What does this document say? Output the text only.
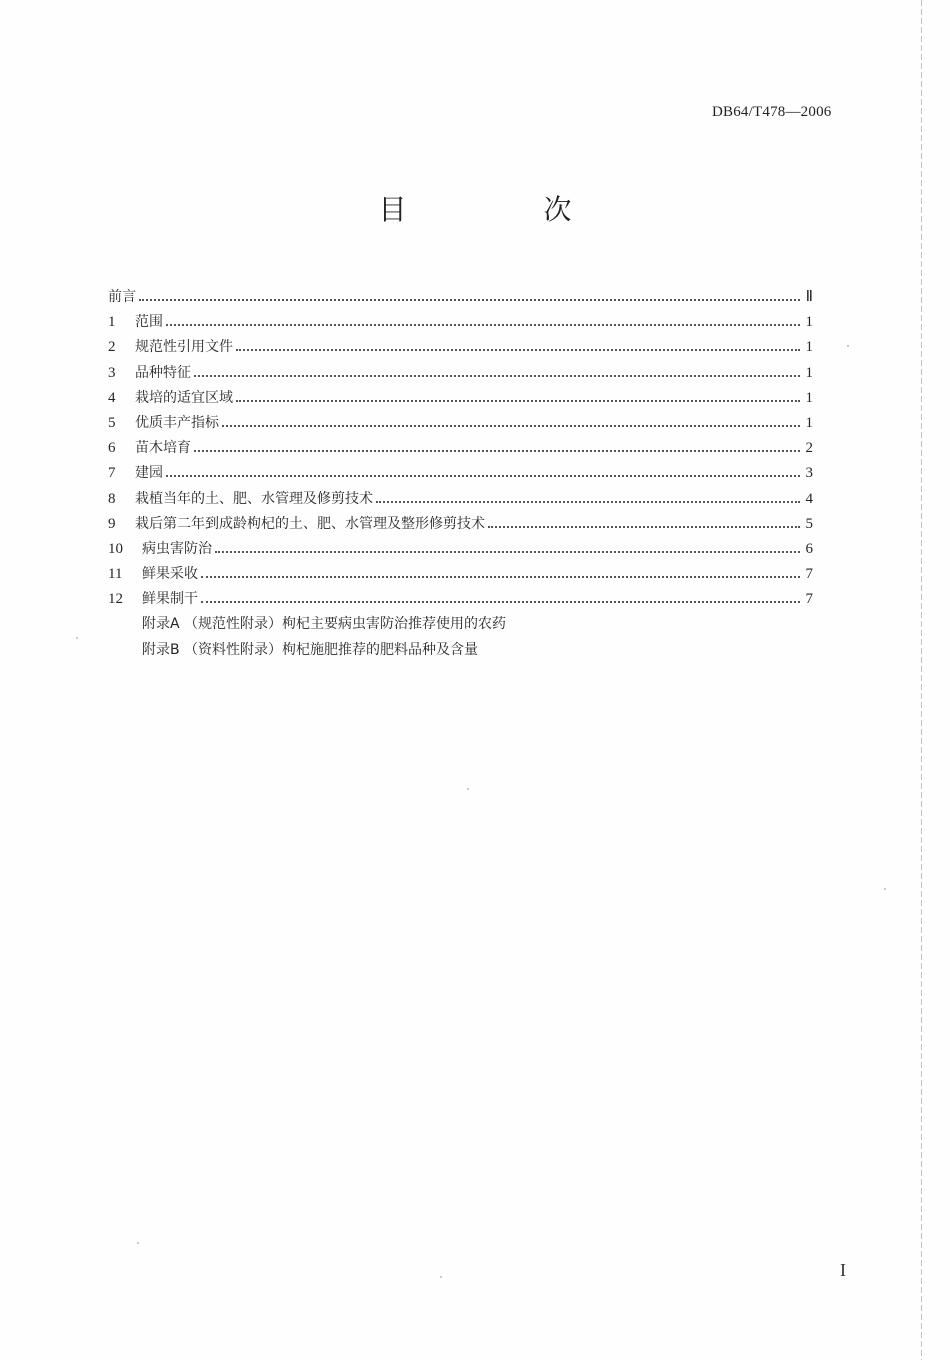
DB64/T478—2006
目 次
前言	Ⅱ
1	范围	1
2	规范性引用文件	1
3	品种特征	1
4	栽培的适宜区域	1
5	优质丰产指标	1
6	苗木培育	2
7	建园	3
8	栽植当年的土、肥、水管理及修剪技术	4
9	栽后第二年到成龄枸杞的土、肥、水管理及整形修剪技术	5
10	病虫害防治	6
11	鲜果采收	7
12	鲜果制干	7
附录A （规范性附录）枸杞主要病虫害防治推荐使用的农药
附录B （资料性附录）枸杞施肥推荐的肥料品种及含量
I
